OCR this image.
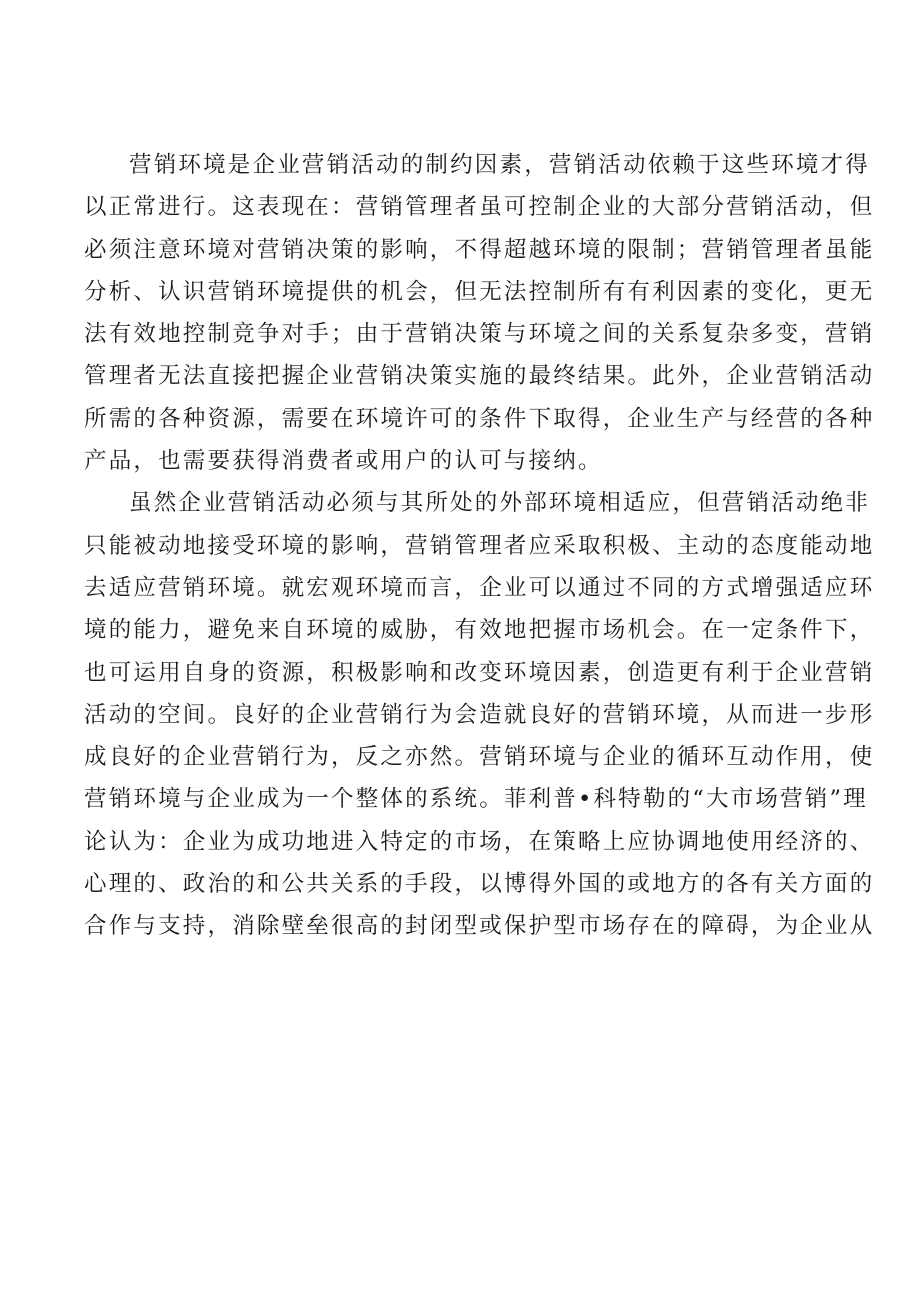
营销环境是企业营销活动的制约因素，营销活动依赖于这些环境才得
以正常进行。这表现在：营销管理者虽可控制企业的大部分营销活动，但
必须注意环境对营销决策的影响，不得超越环境的限制；营销管理者虽能
分析、认识营销环境提供的机会，但无法控制所有有利因素的变化，更无
法有效地控制竞争对手；由于营销决策与环境之间的关系复杂多变，营销
管理者无法直接把握企业营销决策实施的最终结果。此外，企业营销活动
所需的各种资源，需要在环境许可的条件下取得，企业生产与经营的各种
产品，也需要获得消费者或用户的认可与接纳。
虽然企业营销活动必须与其所处的外部环境相适应，但营销活动绝非
只能被动地接受环境的影响，营销管理者应采取积极、主动的态度能动地
去适应营销环境。就宏观环境而言，企业可以通过不同的方式增强适应环
境的能力，避免来自环境的威胁，有效地把握市场机会。在一定条件下，
也可运用自身的资源，积极影响和改变环境因素，创造更有利于企业营销
活动的空间。良好的企业营销行为会造就良好的营销环境，从而进一步形
成良好的企业营销行为，反之亦然。营销环境与企业的循环互动作用，使
营销环境与企业成为一个整体的系统。菲利普•科特勒的“大市场营销”理
论认为：企业为成功地进入特定的市场，在策略上应协调地使用经济的、
心理的、政治的和公共关系的手段，以博得外国的或地方的各有关方面的
合作与支持，消除壁垒很高的封闭型或保护型市场存在的障碍，为企业从
